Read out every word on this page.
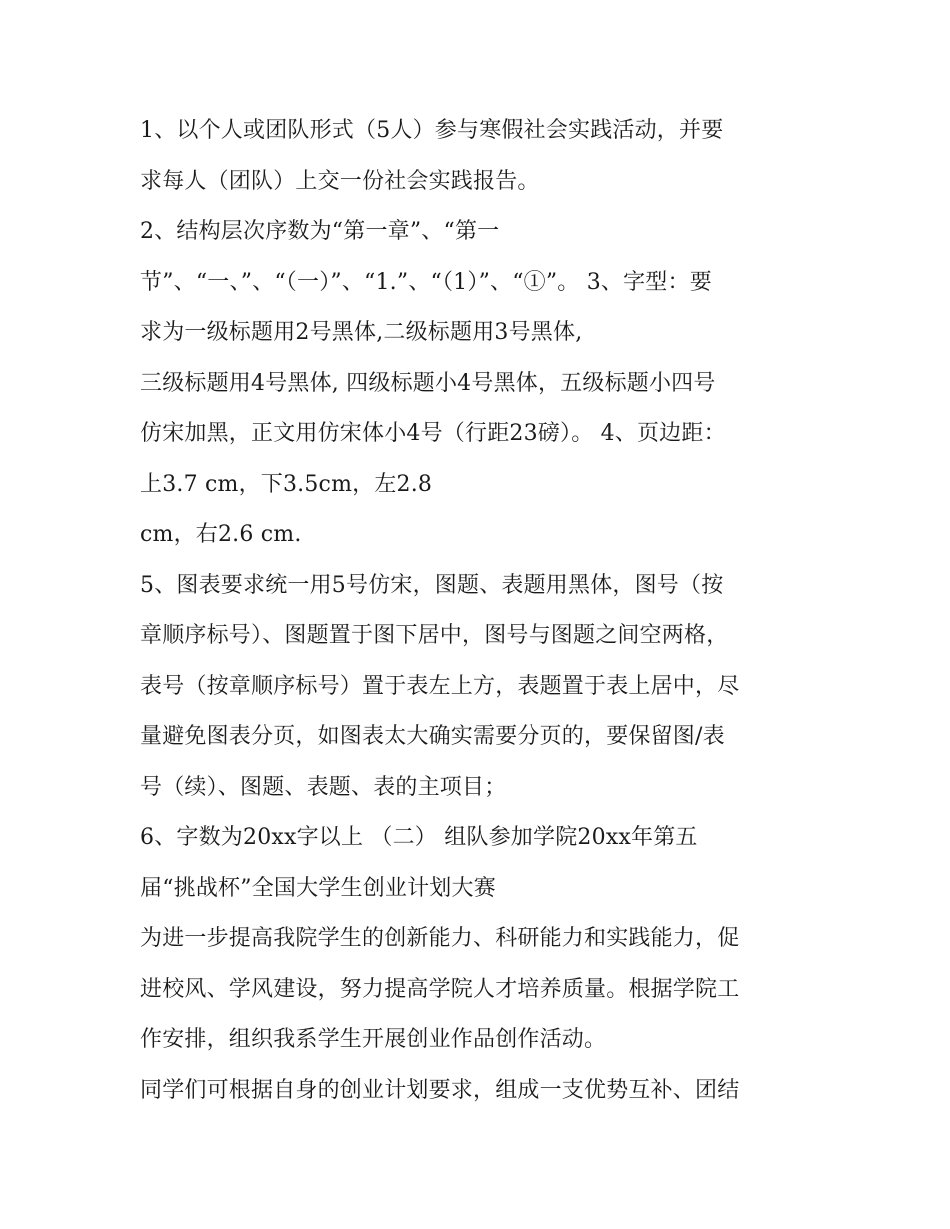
1、以个人或团队形式（5人）参与寒假社会实践活动，并要
求每人（团队）上交一份社会实践报告。
2、结构层次序数为“第一章”、“第一
节”、“一、”、“（一）”、“1.”、“（1）”、“①”。 3、字型：要
求为一级标题用2号黑体,二级标题用3号黑体,
三级标题用4号黑体, 四级标题小4号黑体，五级标题小四号
仿宋加黑，正文用仿宋体小4号（行距23磅）。 4、页边距：
上3.7 cm，下3.5cm，左2.8
cm，右2.6 cm.
5、图表要求统一用5号仿宋，图题、表题用黑体，图号（按
章顺序标号）、图题置于图下居中，图号与图题之间空两格，
表号（按章顺序标号）置于表左上方，表题置于表上居中，尽
量避免图表分页，如图表太大确实需要分页的，要保留图/表
号（续）、图题、表题、表的主项目；
6、字数为20xx字以上 （二） 组队参加学院20xx年第五
届“挑战杯”全国大学生创业计划大赛
为进一步提高我院学生的创新能力、科研能力和实践能力，促
进校风、学风建设，努力提高学院人才培养质量。根据学院工
作安排，组织我系学生开展创业作品创作活动。
同学们可根据自身的创业计划要求，组成一支优势互补、团结
